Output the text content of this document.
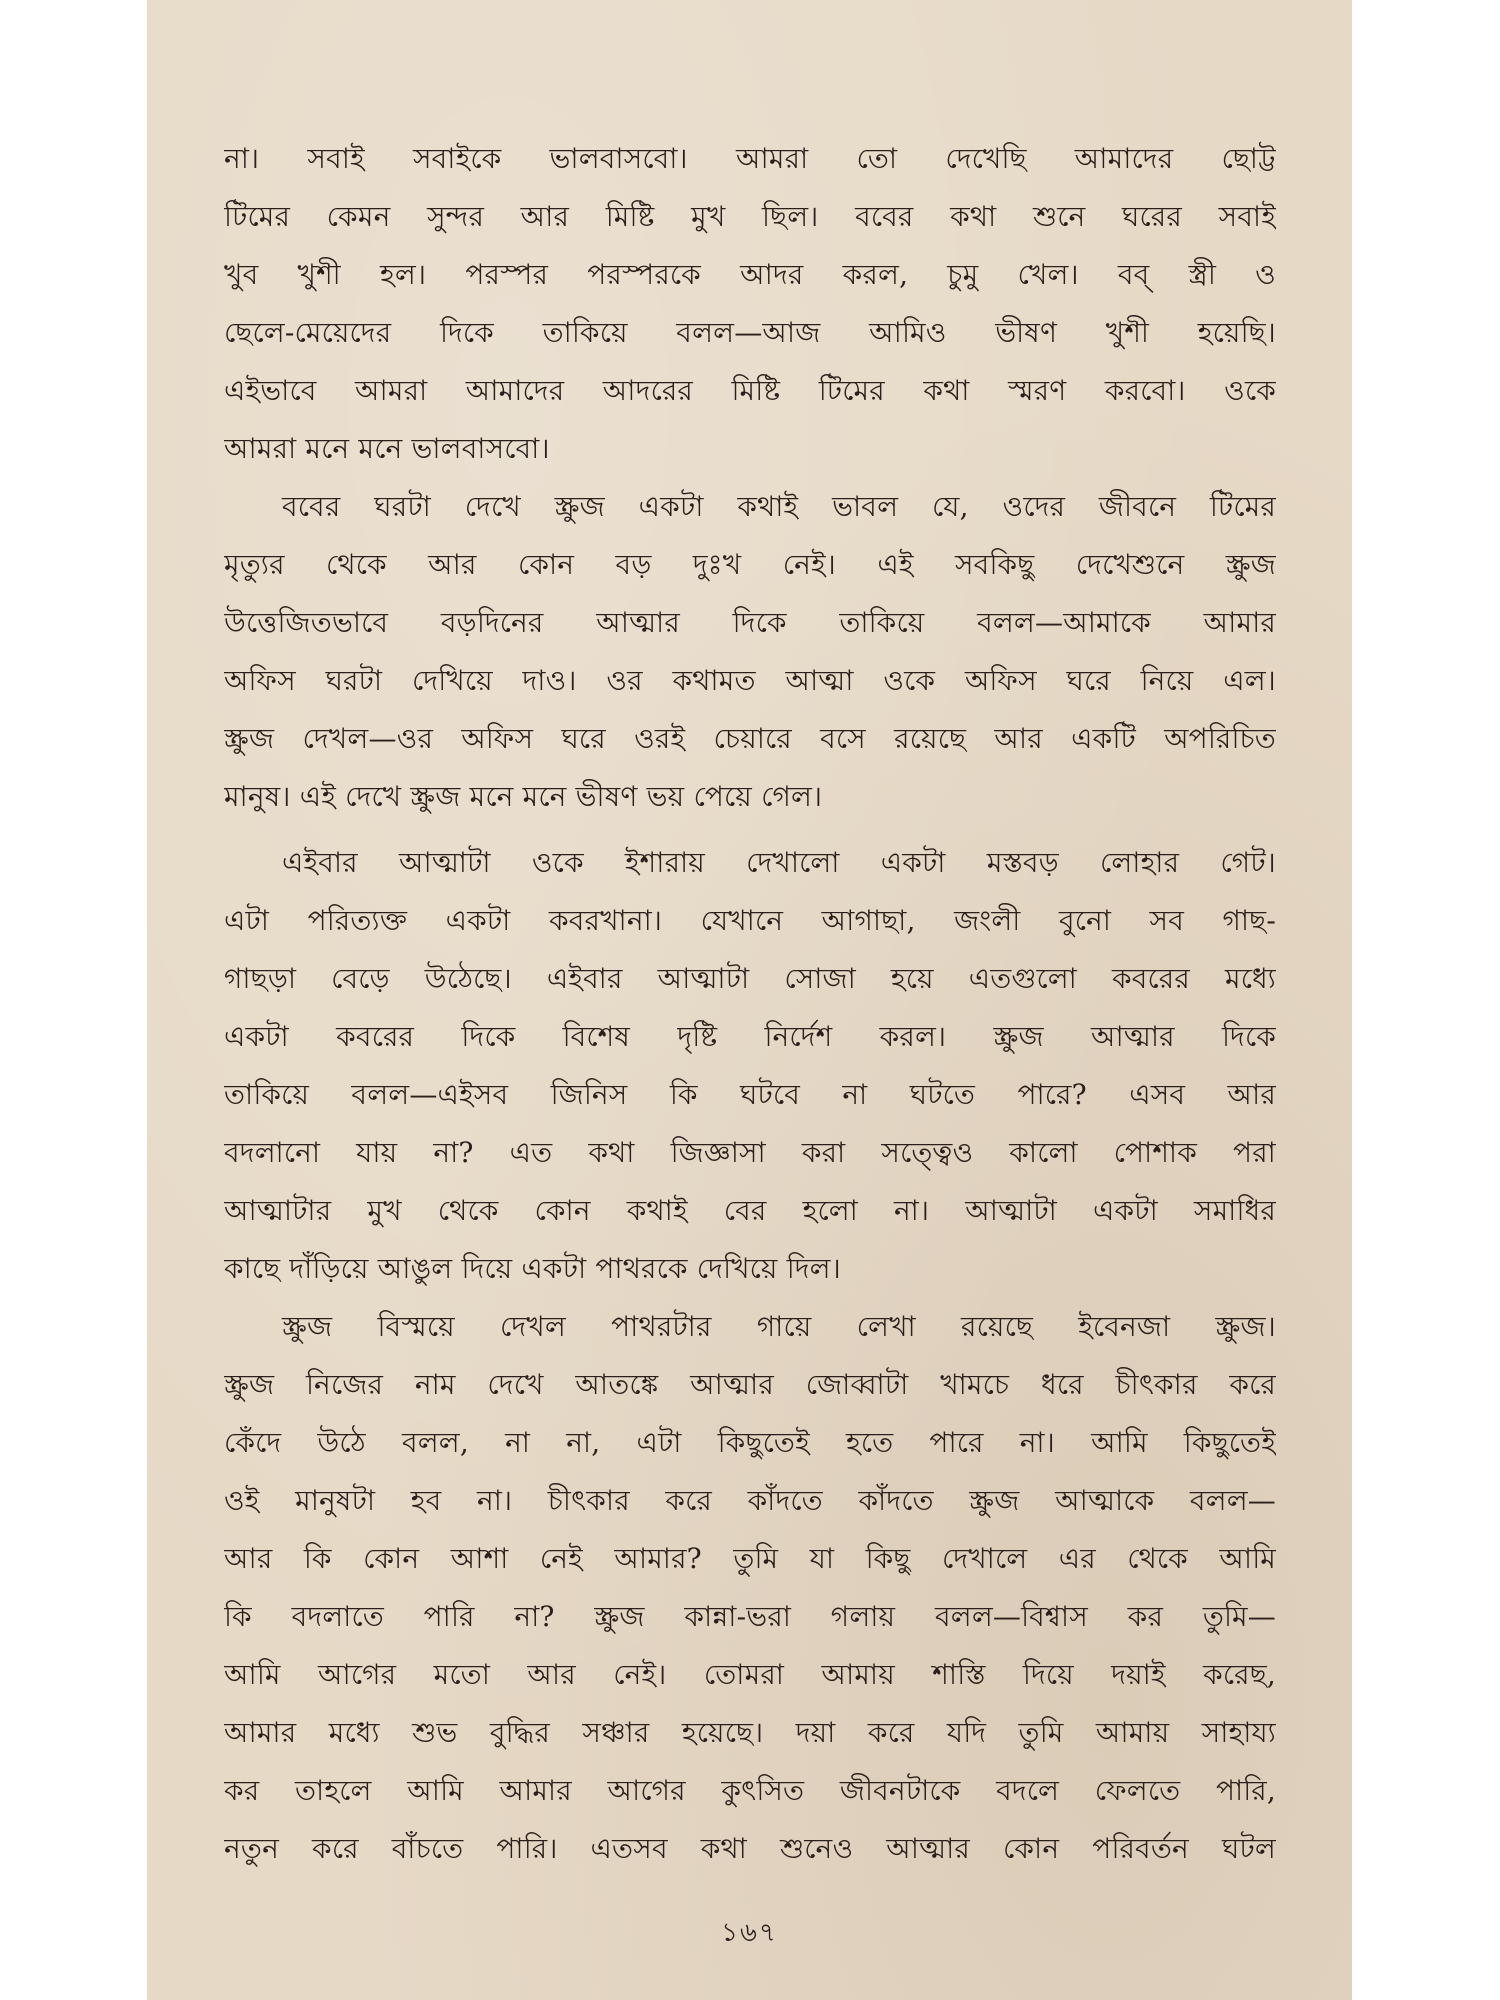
না। সবাই সবাইকে ভালবাসবো। আমরা তো দেখেছি আমাদের ছোট্ট
টিমের কেমন সুন্দর আর মিষ্টি মুখ ছিল। ববের কথা শুনে ঘরের সবাই
খুব খুশী হল। পরস্পর পরস্পরকে আদর করল, চুমু খেল। বব্ স্ত্রী ও
ছেলে-মেয়েদের দিকে তাকিয়ে বলল—আজ আমিও ভীষণ খুশী হয়েছি।
এইভাবে আমরা আমাদের আদরের মিষ্টি টিমের কথা স্মরণ করবো। ওকে
আমরা মনে মনে ভালবাসবো।
ববের ঘরটা দেখে স্ক্রুজ একটা কথাই ভাবল যে, ওদের জীবনে টিমের
মৃত্যুর থেকে আর কোন বড় দুঃখ নেই। এই সবকিছু দেখেশুনে স্ক্রুজ
উত্তেজিতভাবে বড়দিনের আত্মার দিকে তাকিয়ে বলল—আমাকে আমার
অফিস ঘরটা দেখিয়ে দাও। ওর কথামত আত্মা ওকে অফিস ঘরে নিয়ে এল।
স্ক্রুজ দেখল—ওর অফিস ঘরে ওরই চেয়ারে বসে রয়েছে আর একটি অপরিচিত
মানুষ। এই দেখে স্ক্রুজ মনে মনে ভীষণ ভয় পেয়ে গেল।
এইবার আত্মাটা ওকে ইশারায় দেখালো একটা মস্তবড় লোহার গেট।
এটা পরিত্যক্ত একটা কবরখানা। যেখানে আগাছা, জংলী বুনো সব গাছ-
গাছড়া বেড়ে উঠেছে। এইবার আত্মাটা সোজা হয়ে এতগুলো কবরের মধ্যে
একটা কবরের দিকে বিশেষ দৃষ্টি নির্দেশ করল। স্ক্রুজ আত্মার দিকে
তাকিয়ে বলল—এইসব জিনিস কি ঘটবে না ঘটতে পারে? এসব আর
বদলানো যায় না? এত কথা জিজ্ঞাসা করা সত্ত্বেও কালো পোশাক পরা
আত্মাটার মুখ থেকে কোন কথাই বের হলো না। আত্মাটা একটা সমাধির
কাছে দাঁড়িয়ে আঙুল দিয়ে একটা পাথরকে দেখিয়ে দিল।
স্ক্রুজ বিস্ময়ে দেখল পাথরটার গায়ে লেখা রয়েছে ইবেনজা স্ক্রুজ।
স্ক্রুজ নিজের নাম দেখে আতঙ্কে আত্মার জোব্বাটা খামচে ধরে চীৎকার করে
কেঁদে উঠে বলল, না না, এটা কিছুতেই হতে পারে না। আমি কিছুতেই
ওই মানুষটা হব না। চীৎকার করে কাঁদতে কাঁদতে স্ক্রুজ আত্মাকে বলল—
আর কি কোন আশা নেই আমার? তুমি যা কিছু দেখালে এর থেকে আমি
কি বদলাতে পারি না? স্ক্রুজ কান্না-ভরা গলায় বলল—বিশ্বাস কর তুমি—
আমি আগের মতো আর নেই। তোমরা আমায় শাস্তি দিয়ে দয়াই করেছ,
আমার মধ্যে শুভ বুদ্ধির সঞ্চার হয়েছে। দয়া করে যদি তুমি আমায় সাহায্য
কর তাহলে আমি আমার আগের কুৎসিত জীবনটাকে বদলে ফেলতে পারি,
নতুন করে বাঁচতে পারি। এতসব কথা শুনেও আত্মার কোন পরিবর্তন ঘটল
১৬৭
